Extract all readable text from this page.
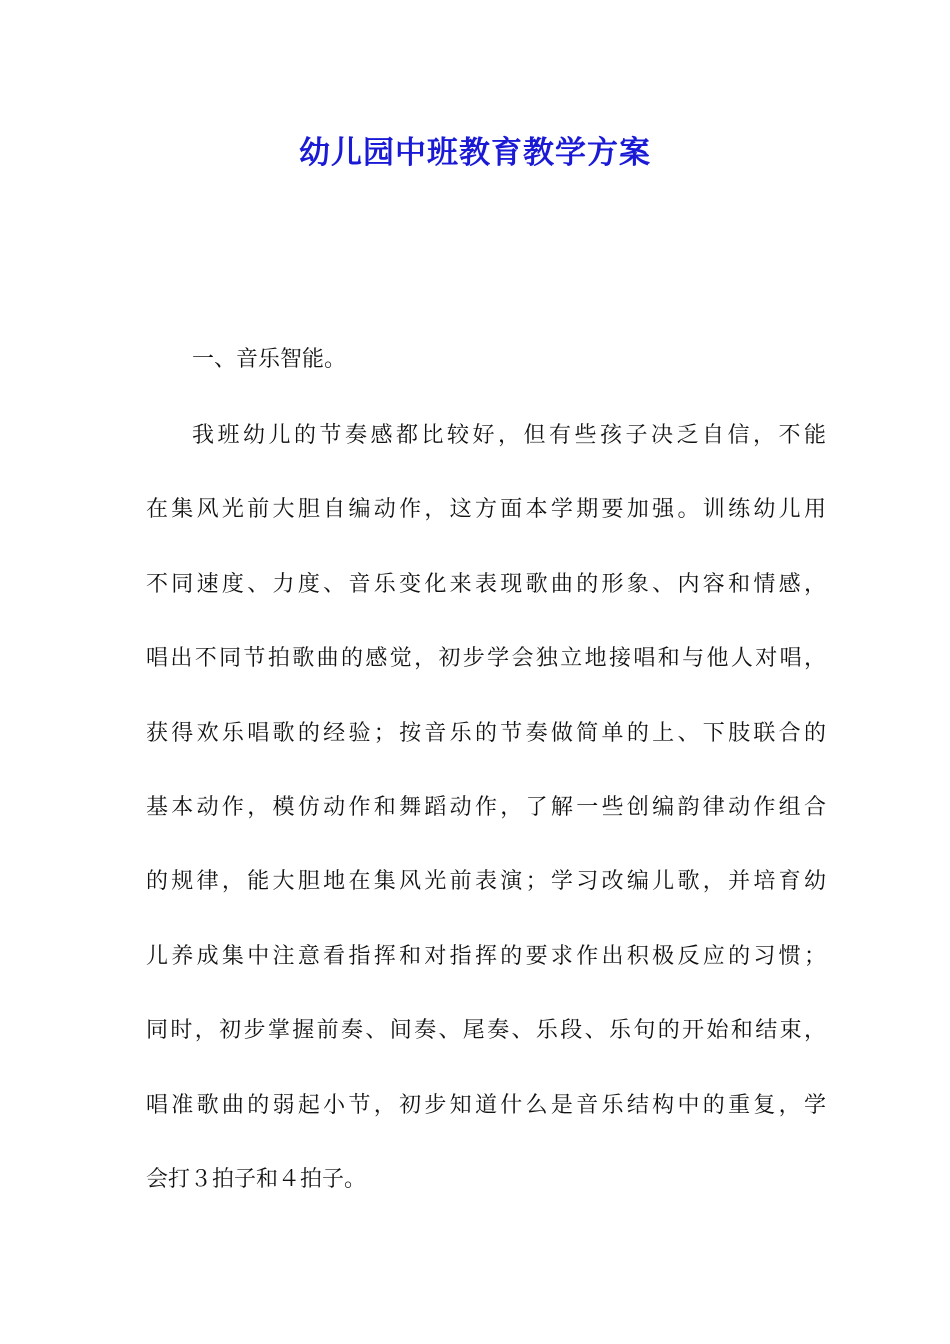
幼儿园中班教育教学方案
一、音乐智能。
我班幼儿的节奏感都比较好，但有些孩子决乏自信，不能
在集风光前大胆自编动作，这方面本学期要加强。训练幼儿用
不同速度、力度、音乐变化来表现歌曲的形象、内容和情感，
唱出不同节拍歌曲的感觉，初步学会独立地接唱和与他人对唱，
获得欢乐唱歌的经验；按音乐的节奏做简单的上、下肢联合的
基本动作，模仿动作和舞蹈动作，了解一些创编韵律动作组合
的规律，能大胆地在集风光前表演；学习改编儿歌，并培育幼
儿养成集中注意看指挥和对指挥的要求作出积极反应的习惯；
同时，初步掌握前奏、间奏、尾奏、乐段、乐句的开始和结束，
唱准歌曲的弱起小节，初步知道什么是音乐结构中的重复，学
会打３拍子和４拍子。
